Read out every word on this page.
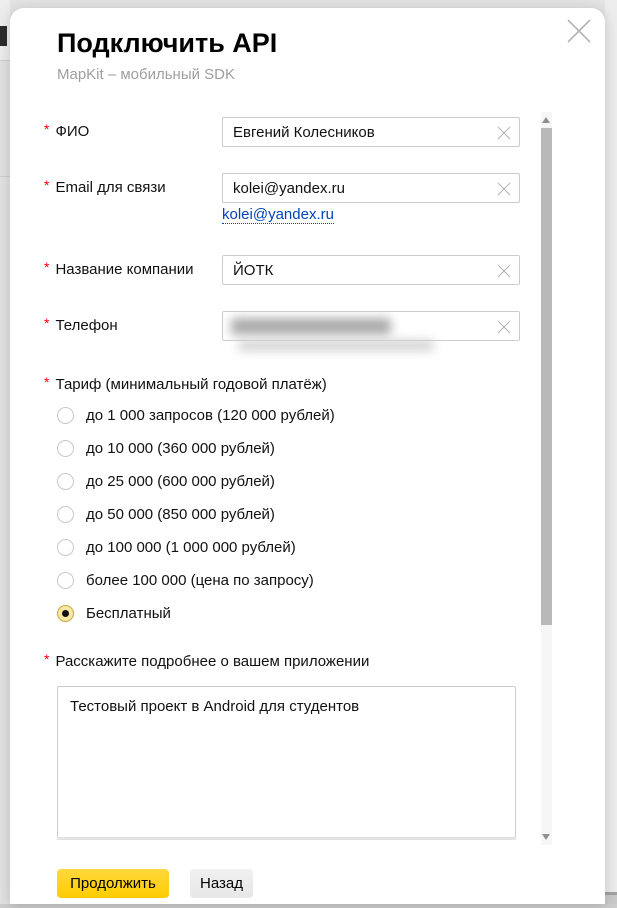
Подключить API
MapKit – мобильный SDK
* ФИО	Евгений Колесников
* Email для связи	kolei@yandex.ru
kolei@yandex.ru
* Название компании	ЙОТК
* Телефон
* Тариф (минимальный годовой платёж)
до 1 000 запросов (120 000 рублей)
до 10 000 (360 000 рублей)
до 25 000 (600 000 рублей)
до 50 000 (850 000 рублей)
до 100 000 (1 000 000 рублей)
более 100 000 (цена по запросу)
Бесплатный
* Расскажите подробнее о вашем приложении
Тестовый проект в Android для студентов
Продолжить	Назад
